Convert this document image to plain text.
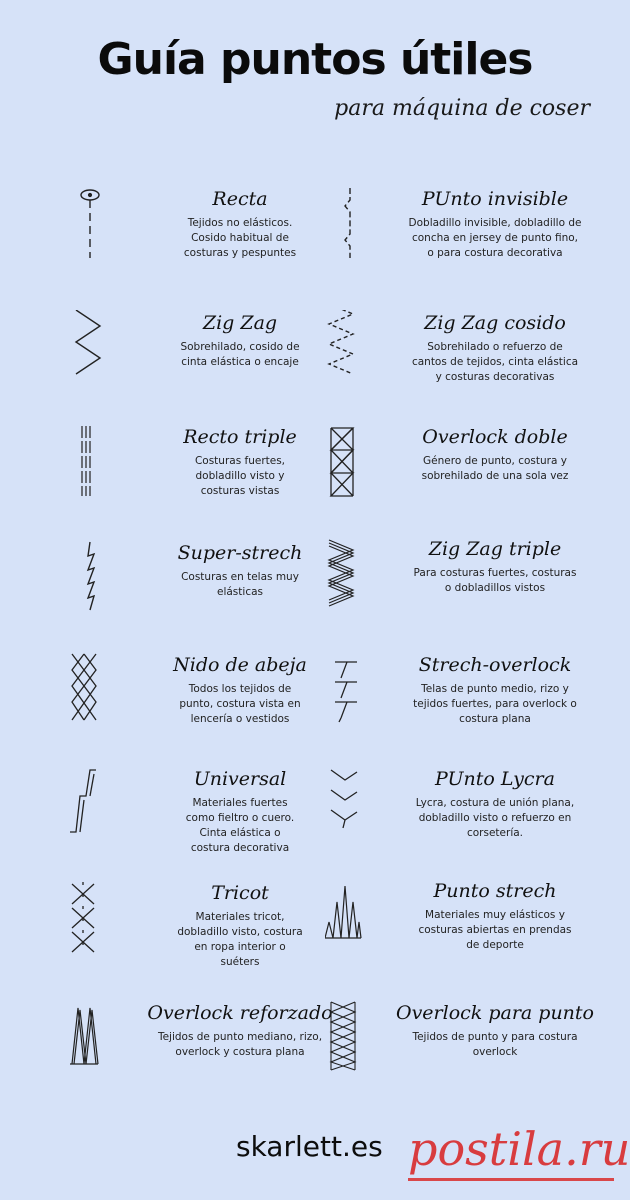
Guía puntos útiles
para máquina de coser
Recta
Tejidos no elásticos.
Cosido habitual de
costuras y pespuntes
PUnto invisible
Dobladillo invisible, dobladillo de
concha en jersey de punto fino,
o para costura decorativa
Zig Zag
Sobrehilado, cosido de
cinta elástica o encaje
Zig Zag cosido
Sobrehilado o refuerzo de
cantos de tejidos, cinta elástica
y costuras decorativas
Recto triple
Costuras fuertes,
dobladillo visto y
costuras vistas
Overlock doble
Género de punto, costura y
sobrehilado de una sola vez
Super-strech
Costuras en telas muy
elásticas
Zig Zag triple
Para costuras fuertes, costuras
o dobladillos vistos
Nido de abeja
Todos los tejidos de
punto, costura vista en
lencería o vestidos
Strech-overlock
Telas de punto medio, rizo y
tejidos fuertes, para overlock o
costura plana
Universal
Materiales fuertes
como fieltro o cuero.
Cinta elástica o
costura decorativa
PUnto Lycra
Lycra, costura de unión plana,
dobladillo visto o refuerzo en
corsetería.
Tricot
Materiales tricot,
dobladillo visto, costura
en ropa interior o
suéters
Punto strech
Materiales muy elásticos y
costuras abiertas en prendas
de deporte
Overlock reforzado
Tejidos de punto mediano, rizo,
overlock y costura plana
Overlock para punto
Tejidos de punto y para costura
overlock
skarlett.es postila.ru
